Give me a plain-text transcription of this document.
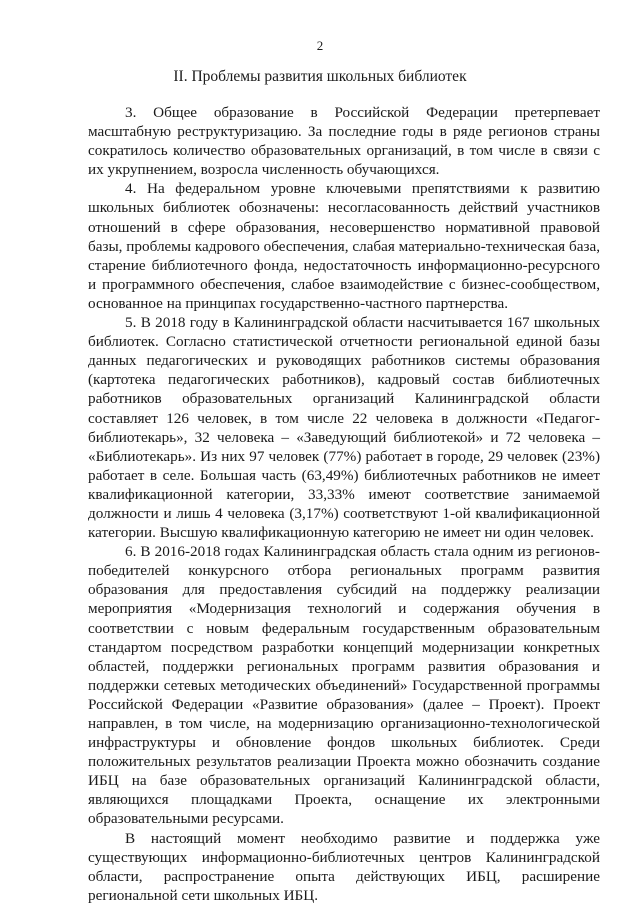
2
II. Проблемы развития школьных библиотек

3. Общее образование в Российской Федерации претерпевает масштабную реструктуризацию. За последние годы в ряде регионов страны сократилось количество образовательных организаций, в том числе в связи с их укрупнением, возросла численность обучающихся.

4. На федеральном уровне ключевыми препятствиями к развитию школьных библиотек обозначены: несогласованность действий участников отношений в сфере образования, несовершенство нормативной правовой базы, проблемы кадрового обеспечения, слабая материально-техническая база, старение библиотечного фонда, недостаточность информационно-ресурсного и программного обеспечения, слабое взаимодействие с бизнес-сообществом, основанное на принципах государственно-частного партнерства.

5. В 2018 году в Калининградской области насчитывается 167 школьных библиотек. Согласно статистической отчетности региональной единой базы данных педагогических и руководящих работников системы образования (картотека педагогических работников), кадровый состав библиотечных работников образовательных организаций Калининградской области составляет 126 человек, в том числе 22 человека в должности «Педагог-библиотекарь», 32 человека – «Заведующий библиотекой» и 72 человека – «Библиотекарь». Из них 97 человек (77%) работает в городе, 29 человек (23%) работает в селе. Большая часть (63,49%) библиотечных работников не имеет квалификационной категории, 33,33% имеют соответствие занимаемой должности и лишь 4 человека (3,17%) соответствуют 1-ой квалификационной категории. Высшую квалификационную категорию не имеет ни один человек.

6. В 2016-2018 годах Калининградская область стала одним из регионов-победителей конкурсного отбора региональных программ развития образования для предоставления субсидий на поддержку реализации мероприятия «Модернизация технологий и содержания обучения в соответствии с новым федеральным государственным образовательным стандартом посредством разработки концепций модернизации конкретных областей, поддержки региональных программ развития образования и поддержки сетевых методических объединений» Государственной программы Российской Федерации «Развитие образования» (далее – Проект). Проект направлен, в том числе, на модернизацию организационно-технологической инфраструктуры и обновление фондов школьных библиотек. Среди положительных результатов реализации Проекта можно обозначить создание ИБЦ на базе образовательных организаций Калининградской области, являющихся площадками Проекта, оснащение их электронными образовательными ресурсами.

В настоящий момент необходимо развитие и поддержка уже существующих информационно-библиотечных центров Калининградской области, распространение опыта действующих ИБЦ, расширение региональной сети школьных ИБЦ.
